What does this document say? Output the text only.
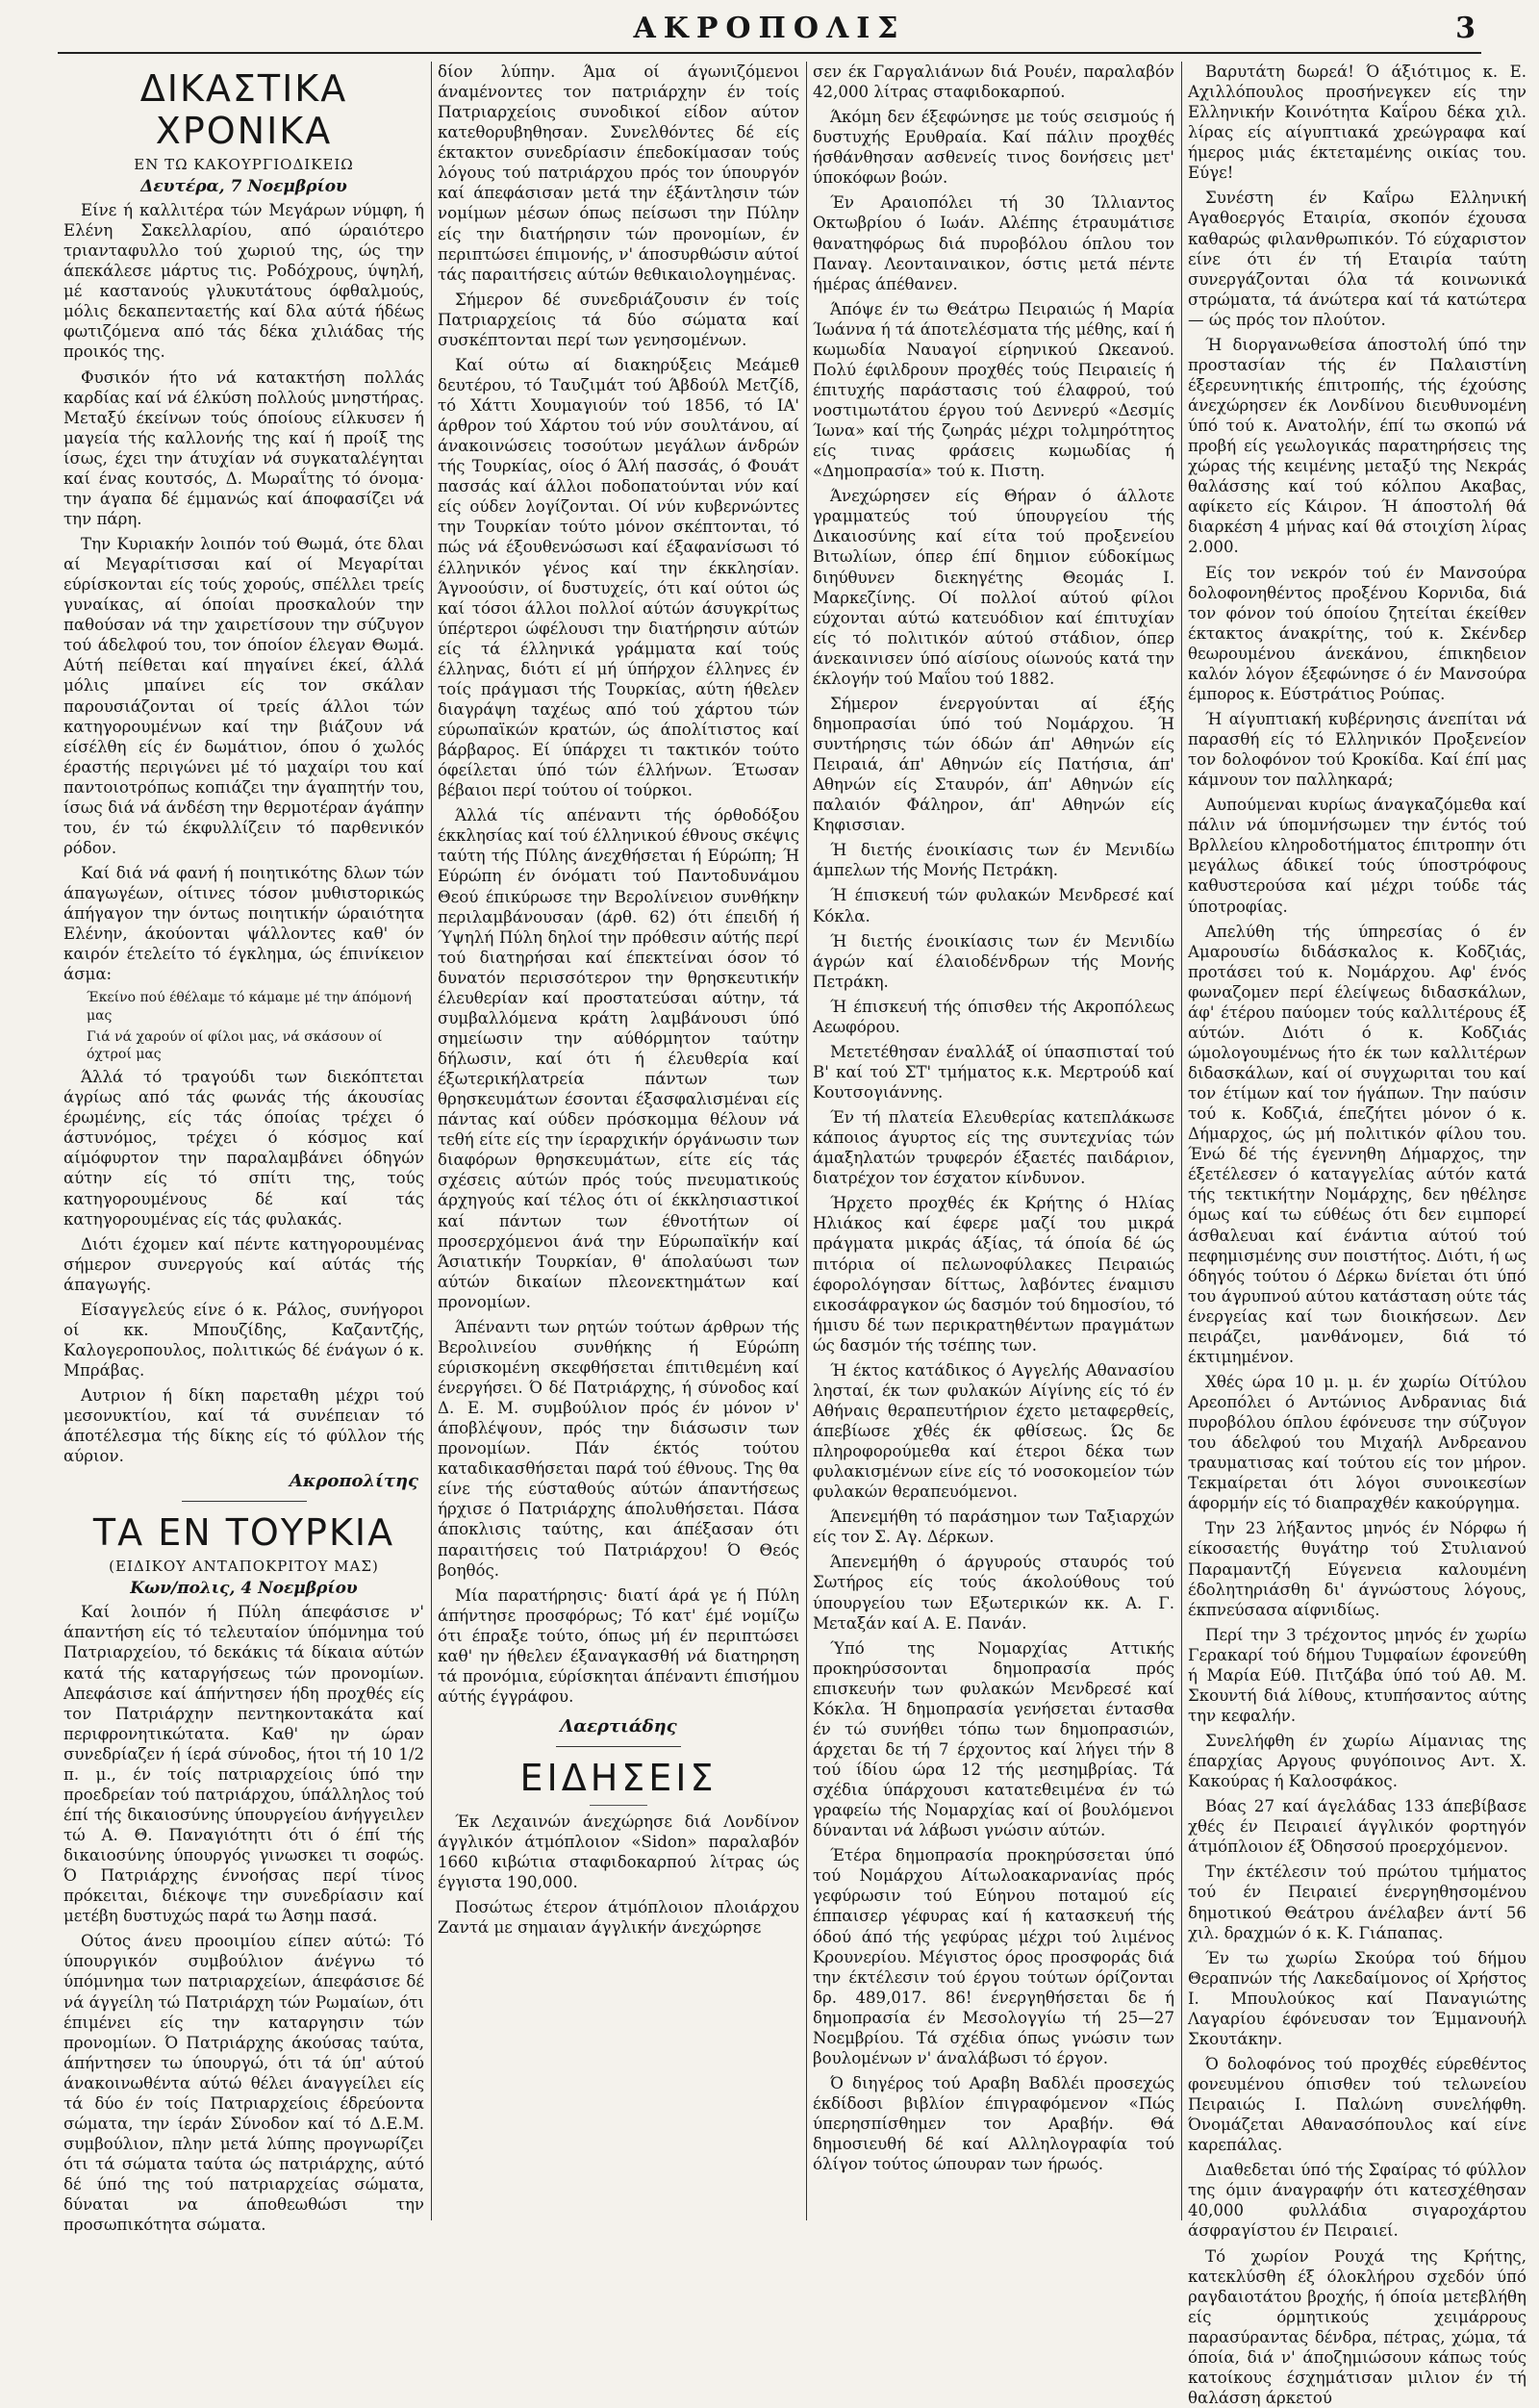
ΑΚΡΟΠΟΛΙΣ	3
ΔΙΚΑΣΤΙΚΑ ΧΡΟΝΙΚΑ
ΕΝ ΤΩ ΚΑΚΟΥΡΓΙΟΔΙΚΕΙΩ
Δευτέρα, 7 Νοεμβρίου

Είνε ή καλλιτέρα τών Μεγάρων νύμφη, ή Ελένη Σακελλαρίου, από ώραιότερο τριανταφυλλο τού χωριού της, ώς την άπεκάλεσε μάρτυς τις. Ροδόχρους, ύψηλή, μέ καστανούς γλυκυτάτους όφθαλμούς, μόλις δεκαπενταετής καί δλα αύτά ήδέως φωτιζόμενα από τάς δέκα χιλιάδας τής προικός της.

Φυσικόν ήτο νά κατακτήση πολλάς καρδίας καί νά έλκύση πολλούς μνηστήρας. Μεταξύ έκείνων τούς όποίους είλκυσεν ή μαγεία τής καλλονής της καί ή προίξ της ίσως, έχει την άτυχίαν νά συγκαταλέγηται καί ένας κουτσός, Δ. Μωραΐτης τό όνομα· την άγαπα δέ έμμανώς καί άποφασίζει νά την πάρη.

Την Κυριακήν λοιπόν τού Θωμά, ότε δλαι αί Μεγαρίτισσαι καί οί Μεγαρίται εύρίσκονται είς τούς χορούς, σπέλλει τρείς γυναίκας, αί όποίαι προσκαλούν την παθούσαν νά την χαιρετίσουν την σύζυγον τού άδελφού του, τον όποίον έλεγαν Θωμά. Αύτή πείθεται καί πηγαίνει έκεί, άλλά μόλις μπαίνει είς τον σκάλαν παρουσιάζονται οί τρείς άλλοι τών κατηγορουμένων καί την βιάζουν νά είσέλθη είς έν δωμάτιον, όπου ό χωλός έραστής περιγώνει μέ τό μαχαίρι του καί παντοιοτρόπως κοπιάζει την άγαπητήν του, ίσως διά νά άνδέση την θερμοτέραν άγάπην του, έν τώ έκφυλλίζειν τό παρθενικόν ρόδον.

Καί διά νά φανή ή ποιητικότης δλων τών άπαγωγέων, οίτινες τόσον μυθιστορικώς άπήγαγον την όντως ποιητικήν ώραιότητα Ελένην, άκούονται ψάλλοντες καθ' όν καιρόν έτελείτο τό έγκλημα, ώς έπινίκειον άσμα:

Έκείνο πού έθέλαμε τό κάμαμε μέ την άπόμονή μας
Γιά νά χαρούν οί φίλοι μας, νά σκάσουν οί όχτροί μας

Άλλά τό τραγούδι των διεκόπτεται άγρίως από τάς φωνάς τής άκουσίας έρωμένης, είς τάς όποίας τρέχει ό άστυνόμος, τρέχει ό κόσμος καί αίμόφυρτον την παραλαμβάνει όδηγών αύτην είς τό σπίτι της, τούς κατηγορουμένους δέ καί τάς κατηγορουμένας είς τάς φυλακάς.

Διότι έχομεν καί πέντε κατηγορουμένας σήμερον συνεργούς καί αύτάς τής άπαγωγής.

Είσαγγελεύς είνε ό κ. Ράλος, συνήγοροι οί κκ. Μπουζίδης, Καζαντζής, Καλογεροπουλος, πολιτικώς δέ ένάγων ό κ. Μπράβας.

Αυτριον ή δίκη παρεταθη μέχρι τού μεσονυκτίου, καί τά συνέπειαν τό άποτέλεσμα τής δίκης είς τό φύλλον τής αύριον.

Ακροπολίτης
ΤΑ ΕΝ ΤΟΥΡΚΙΑ
(ΕΙΔΙΚΟΥ ΑΝΤΑΠΟΚΡΙΤΟΥ ΜΑΣ)
Κων/πολις, 4 Νοεμβρίου

Καί λοιπόν ή Πύλη άπεφάσισε ν' άπαντήση είς τό τελευταίον ύπόμνημα τού Πατριαρχείου, τό δεκάκις τά δίκαια αύτών κατά τής καταργήσεως τών προνομίων. Απεφάσισε καί άπήντησεν ήδη προχθές είς τον Πατριάρχην πεντηκοντακάτα καί περιφρονητικώτατα. Καθ' ην ώραν συνεδρίαζεν ή ίερά σύνοδος, ήτοι τή 10 1/2 π. μ., έν τοίς πατριαρχείοις ύπό την προεδρείαν τού πατριάρχου, ύπάλληλος τού έπί τής δικαιοσύνης ύπουργείου άνήγγειλεν τώ Α. Θ. Παναγιότητι ότι ό έπί τής δικαιοσύνης ύπουργός γινωσκει τι σοφώς. Ό Πατριάρχης έννοήσας περί τίνος πρόκειται, διέκοψε την συνεδρίασιν καί μετέβη δυστυχώς παρά τω Άσημ πασά.

Ούτος άνευ προοιμίου είπεν αύτώ: Τό ύπουργικόν συμβούλιον άνέγνω τό ύπόμνημα των πατριαρχείων, άπεφάσισε δέ νά άγγείλη τώ Πατριάρχη τών Ρωμαίων, ότι έπιμένει είς την καταργησιν τών προνομίων. Ό Πατριάρχης άκούσας ταύτα, άπήντησεν τω ύπουργώ, ότι τά ύπ' αύτού άνακοινωθέντα αύτώ θέλει άναγγείλει είς τά δύο έν τοίς Πατριαρχείοις έδρεύοντα σώματα, την ίεράν Σύνοδον καί τό Δ.Ε.Μ. συμβούλιον, πλην μετά λύπης προγνωρίζει ότι τά σώματα ταύτα ώς πατριάρχης, αύτό δέ ύπό της τού πατριαρχείας σώματα, δύναται να άποθεωθώσι την προσωπικότητα σώματα.

δίον λύπην. Άμα οί άγωνιζόμενοι άναμένοντες τον πατριάρχην έν τοίς Πατριαρχείοις συνοδικοί είδον αύτον κατεθορυβηθησαν. Συνελθόντες δέ είς έκτακτον συνεδρίασιν έπεδοκίμασαν τούς λόγους τού πατριάρχου πρός τον ύπουργόν καί άπεφάσισαν μετά την έξάντλησιν τών νομίμων μέσων όπως πείσωσι την Πύλην είς την διατήρησιν τών προνομίων, έν περιπτώσει έπιμονής, ν' άποσυρθώσιν αύτοί τάς παραιτήσεις αύτών θεθικαιολογημένας.

Σήμερον δέ συνεδριάζουσιν έν τοίς Πατριαρχείοις τά δύο σώματα καί συσκέπτονται περί των γενησομένων.

Καί ούτω αί διακηρύξεις Μεάμεθ δευτέρου, τό Ταυζιμάτ τού Άβδούλ Μετζίδ, τό Χάττι Χουμαγιούν τού 1856, τό ΙΑ' άρθρον τού Χάρτου τού νύν σουλτάνου, αί άνακοινώσεις τοσούτων μεγάλων άνδρών τής Τουρκίας, οίος ό Άλή πασσάς, ό Φουάτ πασσάς καί άλλοι ποδοπατούνται νύν καί είς ούδεν λογίζονται. Οί νύν κυβερνώντες την Τουρκίαν τούτο μόνον σκέπτονται, τό πώς νά έξουθενώσωσι καί έξαφανίσωσι τό έλληνικόν γένος καί την έκκλησίαν. Άγνοούσιν, οί δυστυχείς, ότι καί ούτοι ώς καί τόσοι άλλοι πολλοί αύτών άσυγκρίτως ύπέρτεροι ώφέλουσι την διατήρησιν αύτών είς τά έλληνικά γράμματα καί τούς έλληνας, διότι εί μή ύπήρχον έλληνες έν τοίς πράγμασι τής Τουρκίας, αύτη ήθελεν διαγράψη ταχέως από τού χάρτου τών εύρωπαϊκών κρατών, ώς άπολίτιστος καί βάρβαρος. Εί ύπάρχει τι τακτικόν τούτο όφείλεται ύπό τών έλλήνων. Έτωσαν βέβαιοι περί τούτου οί τούρκοι.

Άλλά τίς απέναντι τής όρθοδόξου έκκλησίας καί τού έλληνικού έθνους σκέψις ταύτη τής Πύλης άνεχθήσεται ή Εύρώπη; Ή Εύρώπη έν όνόματι τού Παντοδυνάμου Θεού έπικύρωσε την Βερολίνειον συνθήκην περιλαμβάνουσαν (άρθ. 62) ότι έπειδή ή Ύψηλή Πύλη δηλοί την πρόθεσιν αύτής περί τού διατηρήσαι καί έπεκτείναι όσον τό δυνατόν περισσότερον την θρησκευτικήν έλευθερίαν καί προστατεύσαι αύτην, τά συμβαλλόμενα κράτη λαμβάνουσι ύπό σημείωσιν την αύθόρμητον ταύτην δήλωσιν, καί ότι ή έλευθερία καί έξωτερικήλατρεία πάντων των θρησκευμάτων έσονται έξασφαλισμέναι είς πάντας καί ούδεν πρόσκομμα θέλουν νά τεθή είτε είς την ίεραρχικήν όργάνωσιν των διαφόρων θρησκευμάτων, είτε είς τάς σχέσεις αύτών πρός τούς πνευματικούς άρχηγούς καί τέλος ότι οί έκκλησιαστικοί καί πάντων των έθνοτήτων οί προσερχόμενοι άνά την Εύρωπαϊκήν καί Άσιατικήν Τουρκίαν, θ' άπολαύωσι των αύτών δικαίων πλεονεκτημάτων καί προνομίων.

Άπέναντι των ρητών τούτων άρθρων τής Βερολινείου συνθήκης ή Εύρώπη εύρισκομένη σκεφθήσεται έπιτιθεμένη καί ένεργήσει. Ό δέ Πατριάρχης, ή σύνοδος καί Δ. Ε. Μ. συμβούλιον πρός έν μόνον ν' άποβλέψουν, πρός την διάσωσιν των προνομίων. Πάν έκτός τούτου καταδικασθήσεται παρά τού έθνους. Της θα είνε τής εύσταθούς αύτών άπαντήσεως ήρχισε ό Πατριάρχης άπολυθήσεται. Πάσα άποκλισις ταύτης, και άπέξασαν ότι παραιτήσεις τού Πατριάρχου! Ό Θεός βοηθός.

Μία παρατήρησις· διατί άρά γε ή Πύλη άπήντησε προσφόρως; Τό κατ' έμέ νομίζω ότι έπραξε τούτο, όπως μή έν περιπτώσει καθ' ην ήθελεν έξαναγκασθή νά διατηρηση τά προνόμια, εύρίσκηται άπέναντι έπισήμου αύτής έγγράφου.

Λαερτιάδης
ΕΙΔΗΣΕΙΣ

Έκ Λεχαινών άνεχώρησε διά Λονδίνον άγγλικόν άτμόπλοιον «Sidon» παραλαβόν 1660 κιβώτια σταφιδοκαρπού λίτρας ώς έγγιστα 190,000.

Ποσώτως έτερον άτμόπλοιον πλοιάρχου Ζαντά με σημαιαν άγγλικήν άνεχώρησε

σεν έκ Γαργαλιάνων διά Ρουέν, παραλαβόν 42,000 λίτρας σταφιδοκαρπού.

Άκόμη δεν έξεφώνησε με τούς σεισμούς ή δυστυχής Ερυθραία. Καί πάλιν προχθές ήσθάνθησαν ασθενείς τινος δονήσεις μετ' ύποκόφων βοών.

Έν Αραιοπόλει τή 30 Ίλλιαντος Οκτωβρίου ό Ιωάν. Αλέπης έτραυμάτισε θανατηφόρως διά πυροβόλου όπλου τον Παναγ. Λεονταιναικον, όστις μετά πέντε ήμέρας άπέθανεν.

Άπόψε έν τω Θεάτρω Πειραιώς ή Μαρία Ίωάννα ή τά άποτελέσματα τής μέθης, καί ή κωμωδία Ναυαγοί είρηνικού Ωκεανού. Πολύ έφιλδρουν προχθές τούς Πειραιείς ή έπιτυχής παράστασις τού έλαφρού, τού νοστιμωτάτου έργου τού Δεννερύ «Δεσμίς Ίωνα» καί τής ζωηράς μέχρι τολμηρότητος είς τινας φράσεις κωμωδίας ή «Δημοπρασία» τού κ. Πιστη.

Άνεχώρησεν είς Θήραν ό άλλοτε γραμματεύς τού ύπουργείου τής Δικαιοσύνης καί είτα τού προξενείου Βιτωλίων, όπερ έπί δημιον εύδοκίμως διηύθυνεν διεκηγέτης Θεομάς Ι. Μαρκεζίνης. Οί πολλοί αύτού φίλοι εύχονται αύτώ κατευόδιον καί έπιτυχίαν είς τό πολιτικόν αύτού στάδιον, όπερ άνεκαινισεν ύπό αίσίους οίωνούς κατά την έκλογήν τού Μαΐου τού 1882.

Σήμερον ένεργούνται αί έξής δημοπρασίαι ύπό τού Νομάρχου. Ή συντήρησις τών όδών άπ' Αθηνών είς Πειραιά, άπ' Αθηνών είς Πατήσια, άπ' Αθηνών είς Σταυρόν, άπ' Αθηνών είς παλαιόν Φάληρον, άπ' Αθηνών είς Κηφισσιαν.

Ή διετής ένοικίασις των έν Μενιδίω άμπελων τής Μονής Πετράκη.

Ή έπισκευή τών φυλακών Μενδρεσέ καί Κόκλα.

Ή διετής ένοικίασις των έν Μενιδίω άγρών καί έλαιοδένδρων τής Μονής Πετράκη.

Ή έπισκευή τής όπισθεν τής Ακροπόλεως Αεωφόρου.

Μετετέθησαν έναλλάξ οί ύπασπισταί τού Β' καί τού ΣΤ' τμήματος κ.κ. Μερτρούδ καί Κουτσογιάννης.

Έν τή πλατεία Ελευθερίας κατεπλάκωσε κάποιος άγυρτος είς της συντεχνίας τών άμαξηλατών τρυφερόν έξαετές παιδάριον, διατρέχον τον έσχατον κίνδυνον.

Ήρχετο προχθές έκ Κρήτης ό Ηλίας Ηλιάκος καί έφερε μαζί του μικρά πράγματα μικράς άξίας, τά όποία δέ ώς πιτόρια οί πελωνοφύλακες Πειραιώς έφορολόγησαν δίττως, λαβόντες έναμισυ εικοσάφραγκον ώς δασμόν τού δημοσίου, τό ήμισυ δέ των περικρατηθέντων πραγμάτων ώς δασμόν τής τσέπης των.

Ή έκτος κατάδικος ό Αγγελής Αθανασίου λησταί, έκ των φυλακών Αίγίνης είς τό έν Αθήναις θεραπευτήριον έχετο μεταφερθείς, άπεβίωσε χθές έκ φθίσεως. Ώς δε πληροφορούμεθα καί έτεροι δέκα των φυλακισμένων είνε είς τό νοσοκομείον τών φυλακών θεραπευόμενοι.

Άπενεμήθη τό παράσημον των Ταξιαρχών είς τον Σ. Αγ. Δέρκων.

Άπενεμήθη ό άργυρούς σταυρός τού Σωτήρος είς τούς άκολούθους τού ύπουργείου των Εξωτερικών κκ. Α. Γ. Μεταξάν καί Α. Ε. Πανάν.

Ύπό της Νομαρχίας Αττικής προκηρύσσονται δημοπρασία πρός επισκευήν των φυλακών Μενδρεσέ καί Κόκλα. Ή δημοπρασία γενήσεται έντασθα έν τώ συνήθει τόπω των δημοπρασιών, άρχεται δε τή 7 έρχοντος καί λήγει τήν 8 τού ίδίου ώρα 12 τής μεσημβρίας. Τά σχέδια ύπάρχουσι κατατεθειμένα έν τώ γραφείω τής Νομαρχίας καί οί βουλόμενοι δύνανται νά λάβωσι γνώσιν αύτών.

Έτέρα δημοπρασία προκηρύσσεται ύπό τού Νομάρχου Αίτωλοακαρνανίας πρός γεφύρωσιν τού Εύηνου ποταμού είς έππαισερ γέφυρας καί ή κατασκευή τής όδού άπό τής γεφύρας μέχρι τού λιμένος Κρουνερίου. Μέγιστος όρος προσφοράς διά την έκτέλεσιν τού έργου τούτων όρίζονται δρ. 489,017. 86! ένεργηθήσεται δε ή δημοπρασία έν Μεσολογγίω τή 25—27 Νοεμβρίου. Τά σχέδια όπως γνώσιν των βουλομένων ν' άναλάβωσι τό έργον.

Ό διηγέρος τού Αραβη Βαδλέι προσεχώς έκδίδοσι βιβλίον έπιγραφόμενον «Πώς ύπερησπίσθημεν τον Αραβήν. Θά δημοσιευθή δέ καί Αλληλογραφία τού όλίγον τούτος ώπουραν των ήρωός.

Βαρυτάτη δωρεά! Ό άξιότιμος κ. Ε. Αχιλλόπουλος προσήνεγκεν είς την Ελληνικήν Κοινότητα Καΐρου δέκα χιλ. λίρας είς αίγυπτιακά χρεώγραφα καί ήμερος μιάς έκτεταμένης οικίας του. Εύγε!

Συνέστη έν Καΐρω Ελληνική Αγαθοεργός Εταιρία, σκοπόν έχουσα καθαρώς φιλανθρωπικόν. Τό εύχαριστον είνε ότι έν τή Εταιρία ταύτη συνεργάζονται όλα τά κοινωνικά στρώματα, τά άνώτερα καί τά κατώτερα — ώς πρός τον πλούτον.

Ή διοργανωθείσα άποστολή ύπό την προστασίαν τής έν Παλαιστίνη έξερευνητικής έπιτροπής, τής έχούσης άνεχώρησεν έκ Λονδίνου διευθυνομένη ύπό τού κ. Ανατολήν, έπί τω σκοπώ νά προβή είς γεωλογικάς παρατηρήσεις της χώρας τής κειμένης μεταξύ της Νεκράς θαλάσσης καί τού κόλπου Ακαβας, αφίκετο είς Κάιρον. Ή άποστολή θά διαρκέση 4 μήνας καί θά στοιχίση λίρας 2.000.

Είς τον νεκρόν τού έν Μανσούρα δολοφονηθέντος προξένου Κορνιδα, διά τον φόνον τού όποίου ζητείται έκείθεν έκτακτος άνακρίτης, τού κ. Σκένδερ θεωρουμένου άνεκάνου, έπικηδειον καλόν λόγον έξεφώνησε ό έν Μανσούρα έμπορος κ. Εύστράτιος Ρούπας.

Ή αίγυπτιακή κυβέρνησις άνεπίται νά παρασθή είς τό Ελληνικόν Προξενείον τον δολοφόνον τού Κροκίδα. Καί έπί μας κάμνουν τον παλληκαρά;

Αυπούμεναι κυρίως άναγκαζόμεθα καί πάλιν νά ύπομνήσωμεν την έντός τού Βρλλείου κληροδοτήματος έπιτροπην ότι μεγάλως άδικεί τούς ύποστρόφους καθυστερούσα καί μέχρι τούδε τάς ύποτροφίας.

Απελύθη τής ύπηρεσίας ό έν Αμαρουσίω διδάσκαλος κ. Κοδζιάς, προτάσει τού κ. Νομάρχου. Αφ' ένός φωναζομεν περί έλείψεως διδασκάλων, άφ' έτέρου παύομεν τούς καλλιτέρους έξ αύτών. Διότι ό κ. Κοδζιάς ώμολογουμένως ήτο έκ των καλλιτέρων διδασκάλων, καί οί συγχωριται του καί τον έτίμων καί τον ήγάπων. Την παύσιν τού κ. Κοδζιά, έπεζήτει μόνον ό κ. Δήμαρχος, ώς μή πολιτικόν φίλου του. Ένώ δέ τής έγεννηθη Δήμαρχος, την έξετέλεσεν ό καταγγελίας αύτόν κατά τής τεκτικήτην Νομάρχης, δεν ηθέλησε όμως καί τω εύθέως ότι δεν ειμπορεί άσθαλευαι καί ένάντια αύτού τού πεφημισμένης συν ποιστήτος. Διότι, ή ως όδηγός τούτου ό Δέρκω δνίεται ότι ύπό του άγρυπνού αύτου κατάσταση ούτε τάς ένεργείας καί των διοικήσεων. Δεν πειράζει, μανθάνομεν, διά τό έκτιμημένον.

Χθές ώρα 10 μ. μ. έν χωρίω Οίτύλου Αρεοπόλει ό Αντώνιος Ανδρανιας διά πυροβόλου όπλου έφόνευσε την σύζυγον του άδελφού του Μιχαήλ Ανδρεανου τραυματισας καί τούτου είς τον μήρον. Τεκμαίρεται ότι λόγοι συνοικεσίων άφορμήν είς τό διαπραχθέν κακούργημα.

Την 23 λήξαντος μηνός έν Νόρφω ή είκοσαετής θυγάτηρ τού Στυλιανού Παραμαντζή Εύγενεια καλουμένη έδολητηριάσθη δι' άγνώστους λόγους, έκπνεύσασα αίφνιδίως.

Περί την 3 τρέχοντος μηνός έν χωρίω Γερακαρί τού δήμου Τυμφαίων έφονεύθη ή Μαρία Εύθ. Πιτζάβα ύπό τού Αθ. Μ. Σκουντή διά λίθους, κτυπήσαντος αύτης την κεφαλήν.

Συνελήφθη έν χωρίω Αίμανιας της έπαρχίας Αργους φυγόποινος Αντ. Χ. Κακούρας ή Καλοσφάκος.

Βόας 27 καί άγελάδας 133 άπεβίβασε χθές έν Πειραιεί άγγλικόν φορτηγόν άτμόπλοιον έξ Όδησσού προερχόμενον.

Την έκτέλεσιν τού πρώτου τμήματος τού έν Πειραιεί ένεργηθησομένου δημοτικού Θεάτρου άνέλαβεν άντί 56 χιλ. δραχμών ό κ. Κ. Γιάπαπας.

Έν τω χωρίω Σκούρα τού δήμου Θεραπνών τής Λακεδαίμονος οί Χρήστος Ι. Μπουλούκος καί Παναγιώτης Λαγαρίου έφόνευσαν τον Έμμανουήλ Σκουτάκην.

Ό δολοφόνος τού προχθές εύρεθέντος φονευμένου όπισθεν τού τελωνείου Πειραιώς Ι. Παλώνη συνελήφθη. Όνομάζεται Αθανασόπουλος καί είνε καρεπάλας.

Διαθεδεται ύπό τής Σφαίρας τό φύλλον της όμιν άναγραφήν ότι κατεσχέθησαν 40,000 φυλλάδια σιγαροχάρτου άσφραγίστου έν Πειραιεί.

Τό χωρίον Ρουχά της Κρήτης, κατεκλύσθη έξ όλοκλήρου σχεδόν ύπό ραγδαιοτάτου βροχής, ή όποία μετεβλήθη είς όρμητικούς χειμάρρους παρασύραντας δένδρα, πέτρας, χώμα, τά όποία, διά ν' άποζημιώσουν κάπως τούς κατοίκους έσχημάτισαν μιλιον έν τή θαλάσση άρκετού
